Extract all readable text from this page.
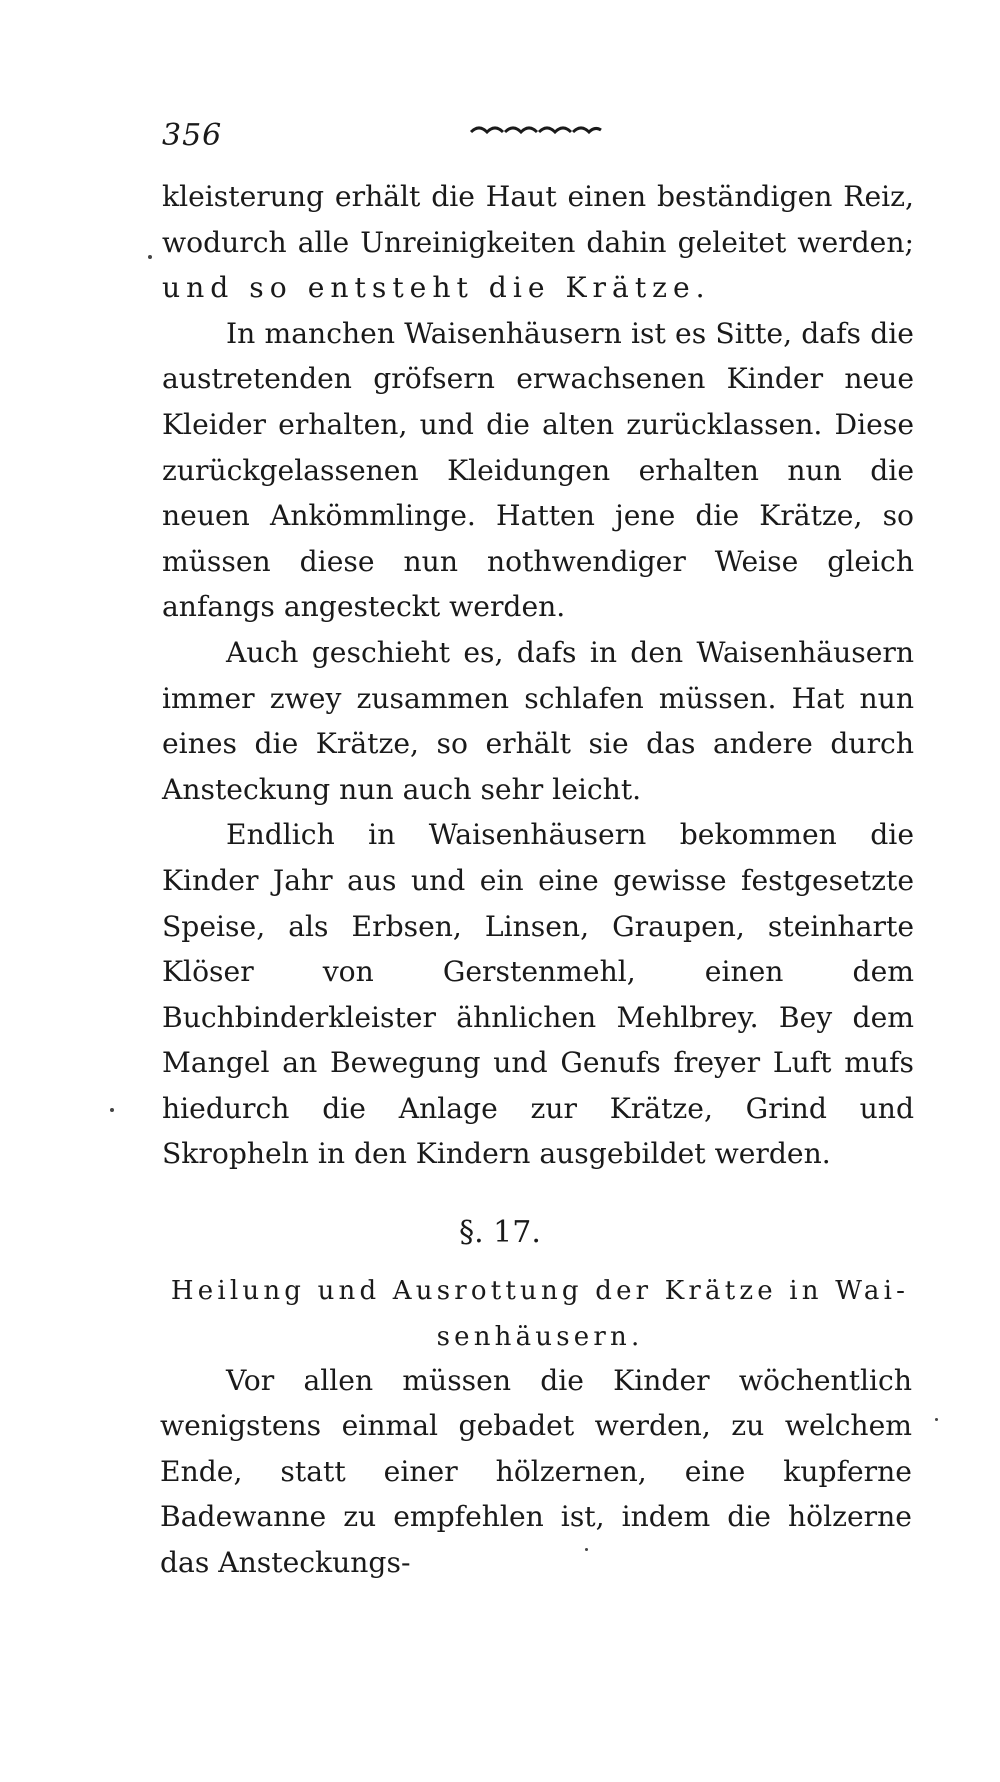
356

kleisterung erhält die Haut einen beständigen Reiz, wodurch alle Unreinigkeiten dahin geleitet werden; und so entsteht die Krätze.

In manchen Waisenhäusern ist es Sitte, dafs die austretenden gröfsern erwachsenen Kinder neue Kleider erhalten, und die alten zurücklassen. Diese zurückgelassenen Kleidungen erhalten nun die neuen Ankömmlinge. Hatten jene die Krätze, so müssen diese nun nothwendiger Weise gleich anfangs angesteckt werden.

Auch geschieht es, dafs in den Waisenhäusern immer zwey zusammen schlafen müssen. Hat nun eines die Krätze, so erhält sie das andere durch Ansteckung nun auch sehr leicht.

Endlich in Waisenhäusern bekommen die Kinder Jahr aus und ein eine gewisse festgesetzte Speise, als Erbsen, Linsen, Graupen, steinharte Klöser von Gerstenmehl, einen dem Buchbinderkleister ähnlichen Mehlbrey. Bey dem Mangel an Bewegung und Genufs freyer Luft mufs hiedurch die Anlage zur Krätze, Grind und Skropheln in den Kindern ausgebildet werden.

§. 17.
Heilung und Ausrottung der Krätze in Wai-
senhäusern.

Vor allen müssen die Kinder wöchentlich wenigstens einmal gebadet werden, zu welchem Ende, statt einer hölzernen, eine kupferne Badewanne zu empfehlen ist, indem die hölzerne das Ansteckungs-
